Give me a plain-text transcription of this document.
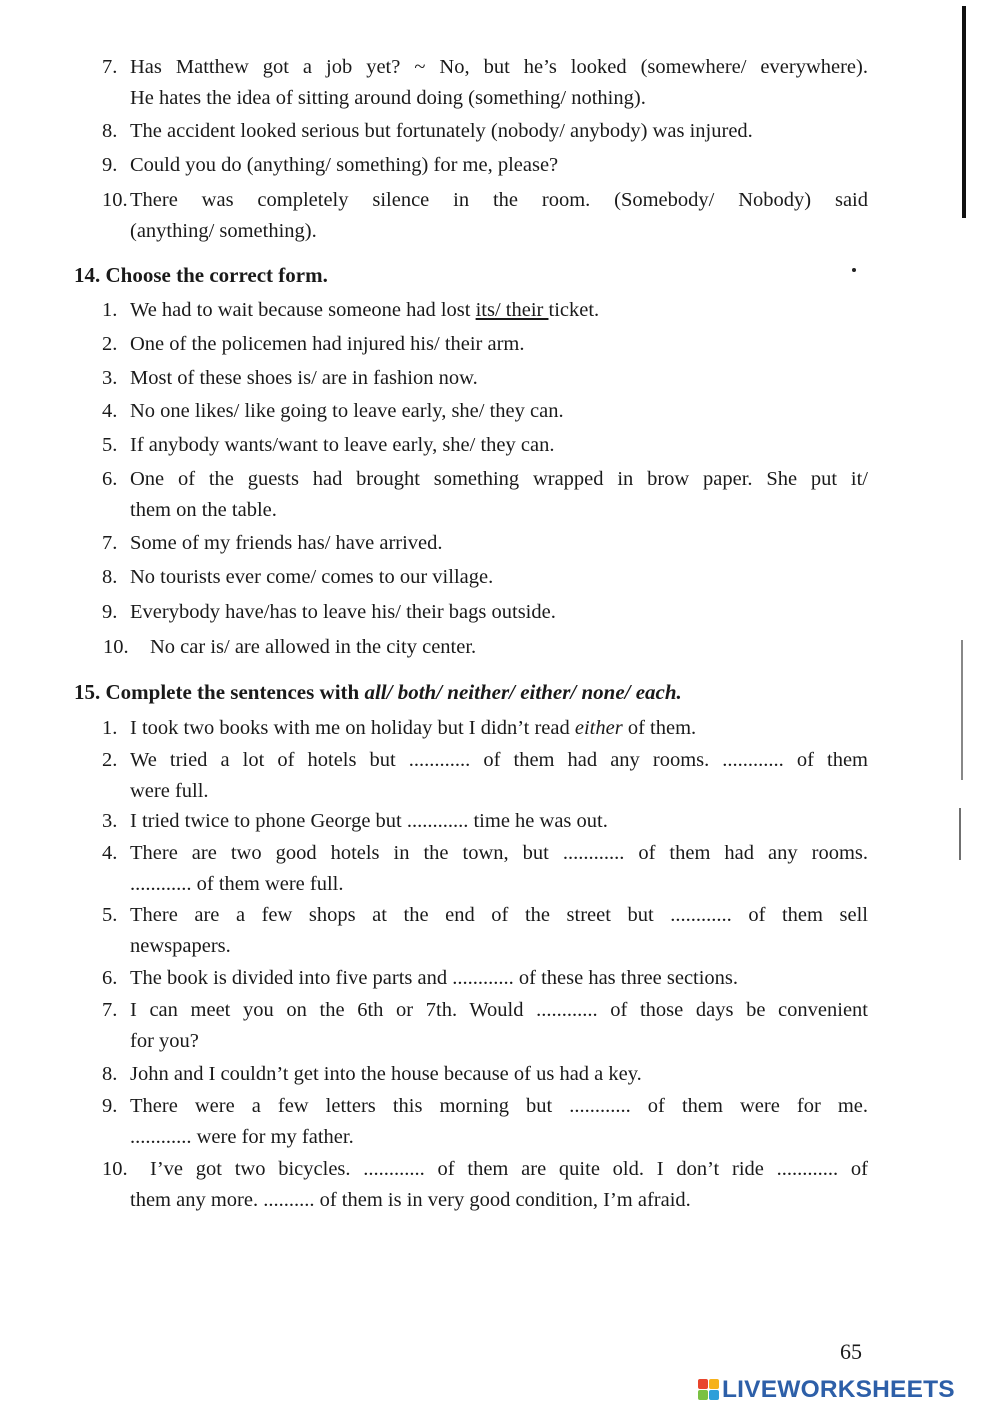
7. Has Matthew got a job yet? ~ No, but he’s looked (somewhere/ everywhere).
He hates the idea of sitting around doing (something/ nothing).
8. The accident looked serious but fortunately (nobody/ anybody) was injured.
9. Could you do (anything/ something) for me, please?
10. There was completely silence in the room. (Somebody/ Nobody) said
(anything/ something).
14. Choose the correct form.
1. We had to wait because someone had lost its/ their ticket.
2. One of the policemen had injured his/ their arm.
3. Most of these shoes is/ are in fashion now.
4. No one likes/ like going to leave early, she/ they can.
5. If anybody wants/want to leave early, she/ they can.
6. One of the guests had brought something wrapped in brow paper. She put it/
them on the table.
7. Some of my friends has/ have arrived.
8. No tourists ever come/ comes to our village.
9. Everybody have/has to leave his/ their bags outside.
10. No car is/ are allowed in the city center.
15. Complete the sentences with all/ both/ neither/ either/ none/ each.
1. I took two books with me on holiday but I didn’t read either of them.
2. We tried a lot of hotels but ............ of them had any rooms. ............ of them
were full.
3. I tried twice to phone George but ............ time he was out.
4. There are two good hotels in the town, but ............ of them had any rooms.
............ of them were full.
5. There are a few shops at the end of the street but ............ of them sell
newspapers.
6. The book is divided into five parts and ............ of these has three sections.
7. I can meet you on the 6th or 7th. Would ............ of those days be convenient
for you?
8. John and I couldn’t get into the house because of us had a key.
9. There were a few letters this morning but ............ of them were for me.
............ were for my father.
10.	I’ve got two bicycles. ............ of them are quite old. I don’t ride ............ of
them any more. .......... of them is in very good condition, I’m afraid.
65
LIVEWORKSHEETS
